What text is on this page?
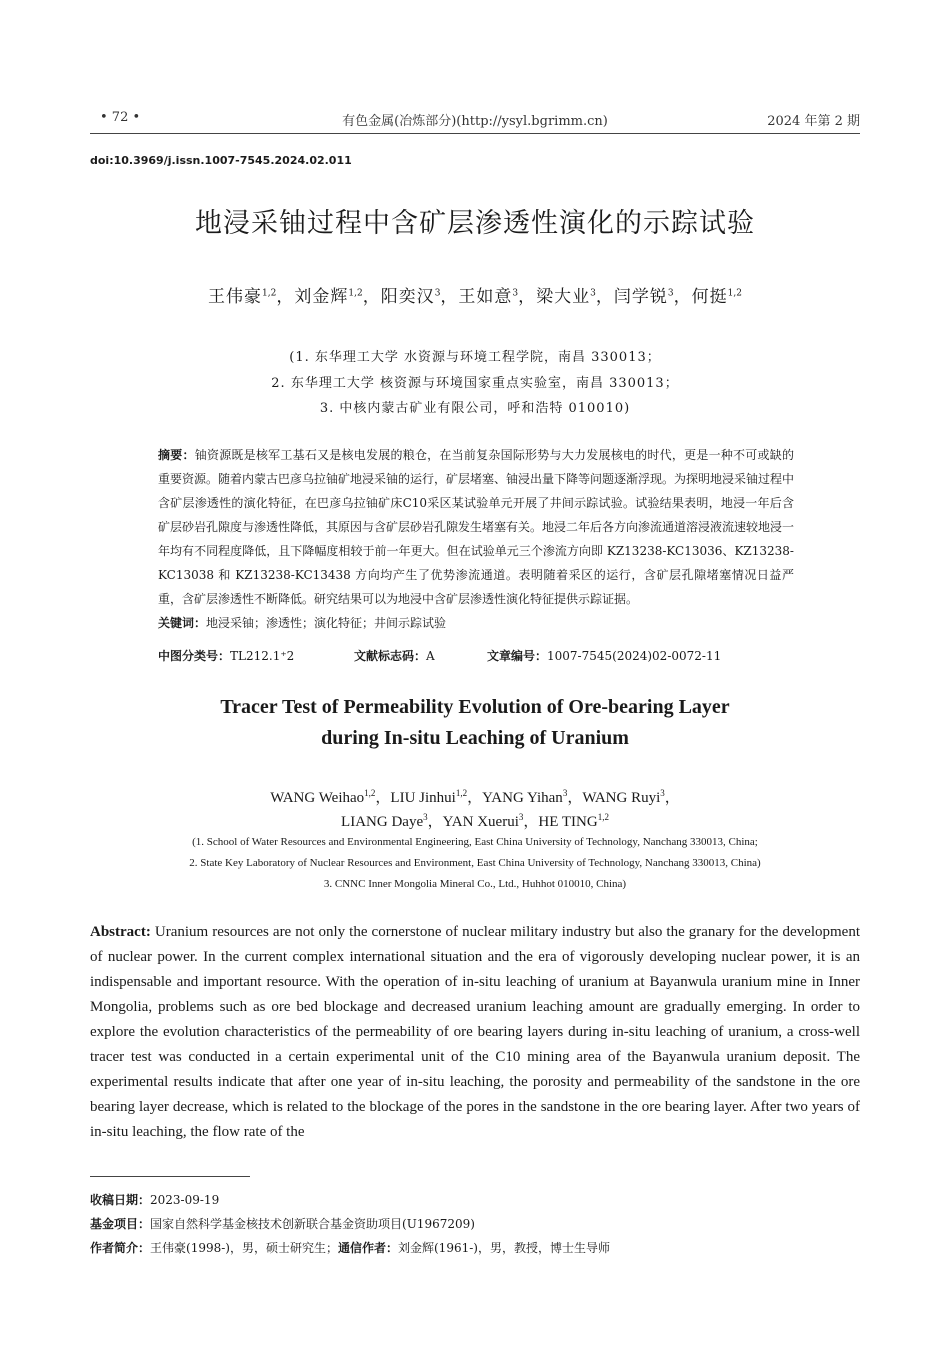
• 72 •	有色金属(冶炼部分)(http://ysyl.bgrimm.cn)	2024 年第 2 期
doi:10.3969/j.issn.1007-7545.2024.02.011
地浸采铀过程中含矿层渗透性演化的示踪试验
王伟豪$^{1,2}$，刘金辉$^{1,2}$，阳奕汉$^3$，王如意$^3$，梁大业$^3$，闫学锐$^3$，何挺$^{1,2}$
(1. 东华理工大学 水资源与环境工程学院，南昌 330013；
2. 东华理工大学 核资源与环境国家重点实验室，南昌 330013；
3. 中核内蒙古矿业有限公司，呼和浩特 010010)
摘要：铀资源既是核军工基石又是核电发展的粮仓，在当前复杂国际形势与大力发展核电的时代，更是一种不可或缺的重要资源。随着内蒙古巴彦乌拉铀矿地浸采铀的运行，矿层堵塞、铀浸出量下降等问题逐渐浮现。为探明地浸采铀过程中含矿层渗透性的演化特征，在巴彦乌拉铀矿床C10采区某试验单元开展了井间示踪试验。试验结果表明，地浸一年后含矿层砂岩孔隙度与渗透性降低，其原因与含矿层砂岩孔隙发生堵塞有关。地浸二年后各方向渗流通道溶浸液流速较地浸一年均有不同程度降低，且下降幅度相较于前一年更大。但在试验单元三个渗流方向即 KZ13238-KC13036、KZ13238-KC13038 和 KZ13238-KC13438 方向均产生了优势渗流通道。表明随着采区的运行，含矿层孔隙堵塞情况日益严重，含矿层渗透性不断降低。研究结果可以为地浸中含矿层渗透性演化特征提供示踪证据。
关键词：地浸采铀；渗透性；演化特征；井间示踪试验
中图分类号：TL212.1⁺2	文献标志码：A	文章编号：1007-7545(2024)02-0072-11
Tracer Test of Permeability Evolution of Ore-bearing Layer
during In-situ Leaching of Uranium
WANG Weihao$^{1,2}$，LIU Jinhui$^{1,2}$，YANG Yihan$^3$，WANG Ruyi$^3$，
LIANG Daye$^3$，YAN Xuerui$^3$，HE TING$^{1,2}$
(1. School of Water Resources and Environmental Engineering, East China University of Technology, Nanchang 330013, China;
2. State Key Laboratory of Nuclear Resources and Environment, East China University of Technology, Nanchang 330013, China)
3. CNNC Inner Mongolia Mineral Co., Ltd., Huhhot 010010, China)
Abstract: Uranium resources are not only the cornerstone of nuclear military industry but also the granary for the development of nuclear power. In the current complex international situation and the era of vigorously developing nuclear power, it is an indispensable and important resource. With the operation of in-situ leaching of uranium at Bayanwula uranium mine in Inner Mongolia, problems such as ore bed blockage and decreased uranium leaching amount are gradually emerging. In order to explore the evolution characteristics of the permeability of ore bearing layers during in-situ leaching of uranium, a cross-well tracer test was conducted in a certain experimental unit of the C10 mining area of the Bayanwula uranium deposit. The experimental results indicate that after one year of in-situ leaching, the porosity and permeability of the sandstone in the ore bearing layer decrease, which is related to the blockage of the pores in the sandstone in the ore bearing layer. After two years of in-situ leaching, the flow rate of the
收稿日期：2023-09-19
基金项目：国家自然科学基金核技术创新联合基金资助项目(U1967209)
作者简介：王伟豪(1998-)，男，硕士研究生；通信作者：刘金辉(1961-)，男，教授，博士生导师
